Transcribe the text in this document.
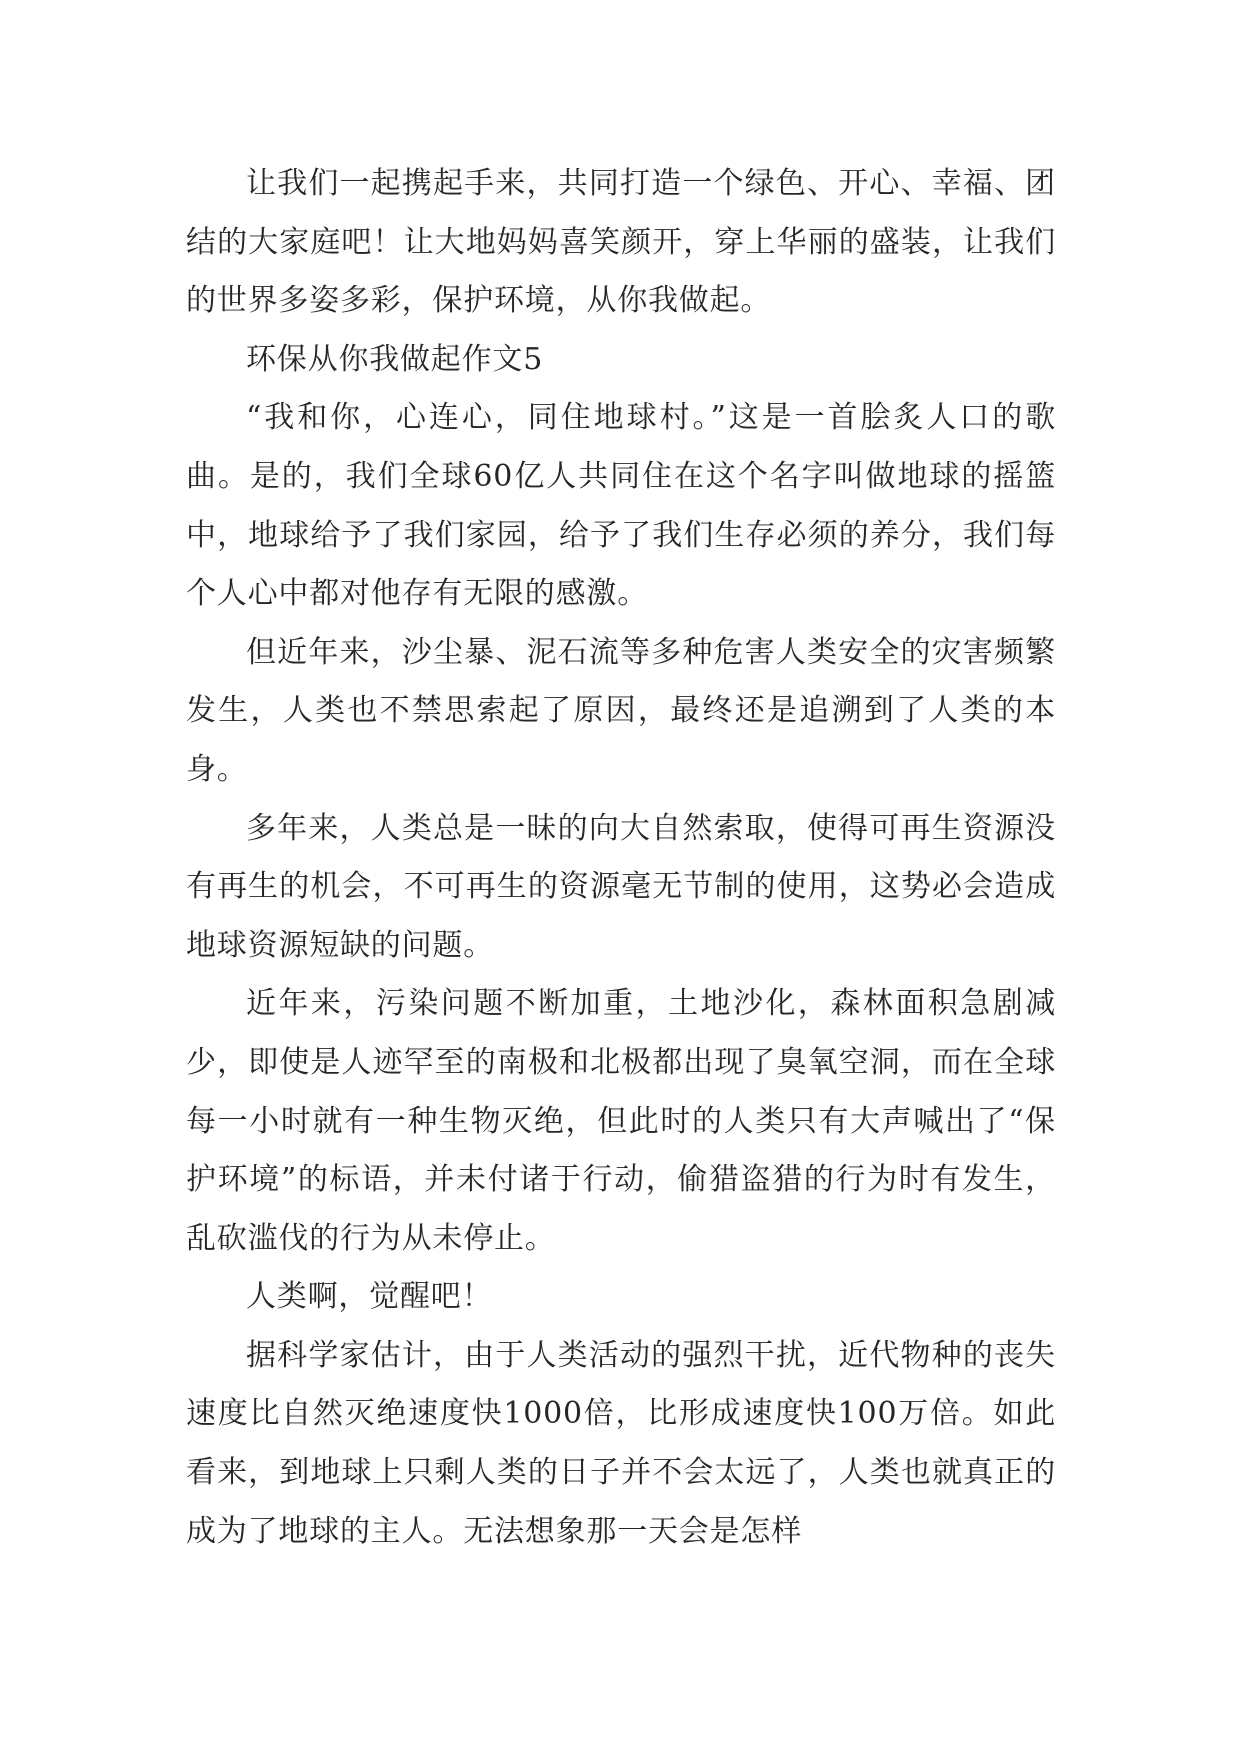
让我们一起携起手来，共同打造一个绿色、开心、幸福、团结的大家庭吧！让大地妈妈喜笑颜开，穿上华丽的盛装，让我们的世界多姿多彩，保护环境，从你我做起。

环保从你我做起作文5

“我和你，心连心，同住地球村。”这是一首脍炙人口的歌曲。是的，我们全球60亿人共同住在这个名字叫做地球的摇篮中，地球给予了我们家园，给予了我们生存必须的养分，我们每个人心中都对他存有无限的感激。

但近年来，沙尘暴、泥石流等多种危害人类安全的灾害频繁发生，人类也不禁思索起了原因，最终还是追溯到了人类的本身。

多年来，人类总是一昧的向大自然索取，使得可再生资源没有再生的机会，不可再生的资源毫无节制的使用，这势必会造成地球资源短缺的问题。

近年来，污染问题不断加重，土地沙化，森林面积急剧减少，即使是人迹罕至的南极和北极都出现了臭氧空洞，而在全球每一小时就有一种生物灭绝，但此时的人类只有大声喊出了“保护环境”的标语，并未付诸于行动，偷猎盗猎的行为时有发生，乱砍滥伐的行为从未停止。

人类啊，觉醒吧！

据科学家估计，由于人类活动的强烈干扰，近代物种的丧失速度比自然灭绝速度快1000倍，比形成速度快100万倍。如此看来，到地球上只剩人类的日子并不会太远了，人类也就真正的成为了地球的主人。无法想象那一天会是怎样
